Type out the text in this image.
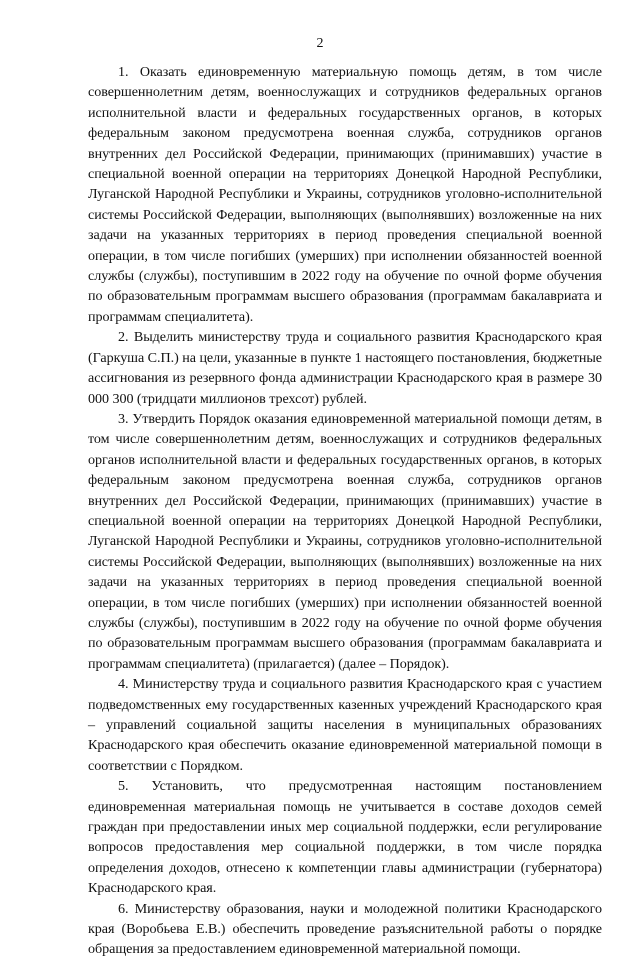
2

1. Оказать единовременную материальную помощь детям, в том числе совершеннолетним детям, военнослужащих и сотрудников федеральных органов исполнительной власти и федеральных государственных органов, в которых федеральным законом предусмотрена военная служба, сотрудников органов внутренних дел Российской Федерации, принимающих (принимавших) участие в специальной военной операции на территориях Донецкой Народной Республики, Луганской Народной Республики и Украины, сотрудников уголовно-исполнительной системы Российской Федерации, выполняющих (выполнявших) возложенные на них задачи на указанных территориях в период проведения специальной военной операции, в том числе погибших (умерших) при исполнении обязанностей военной службы (службы), поступившим в 2022 году на обучение по очной форме обучения по образовательным программам высшего образования (программам бакалавриата и программам специалитета).

2. Выделить министерству труда и социального развития Краснодарского края (Гаркуша С.П.) на цели, указанные в пункте 1 настоящего постановления, бюджетные ассигнования из резервного фонда администрации Краснодарского края в размере 30 000 300 (тридцати миллионов трехсот) рублей.

3. Утвердить Порядок оказания единовременной материальной помощи детям, в том числе совершеннолетним детям, военнослужащих и сотрудников федеральных органов исполнительной власти и федеральных государственных органов, в которых федеральным законом предусмотрена военная служба, сотрудников органов внутренних дел Российской Федерации, принимающих (принимавших) участие в специальной военной операции на территориях Донецкой Народной Республики, Луганской Народной Республики и Украины, сотрудников уголовно-исполнительной системы Российской Федерации, выполняющих (выполнявших) возложенные на них задачи на указанных территориях в период проведения специальной военной операции, в том числе погибших (умерших) при исполнении обязанностей военной службы (службы), поступившим в 2022 году на обучение по очной форме обучения по образовательным программам высшего образования (программам бакалавриата и программам специалитета) (прилагается) (далее – Порядок).

4. Министерству труда и социального развития Краснодарского края с участием подведомственных ему государственных казенных учреждений Краснодарского края – управлений социальной защиты населения в муниципальных образованиях Краснодарского края обеспечить оказание единовременной материальной помощи в соответствии с Порядком.

5. Установить, что предусмотренная настоящим постановлением единовременная материальная помощь не учитывается в составе доходов семей граждан при предоставлении иных мер социальной поддержки, если регулирование вопросов предоставления мер социальной поддержки, в том числе порядка определения доходов, отнесено к компетенции главы администрации (губернатора) Краснодарского края.

6. Министерству образования, науки и молодежной политики Краснодарского края (Воробьева Е.В.) обеспечить проведение разъяснительной работы о порядке обращения за предоставлением единовременной материальной помощи.
